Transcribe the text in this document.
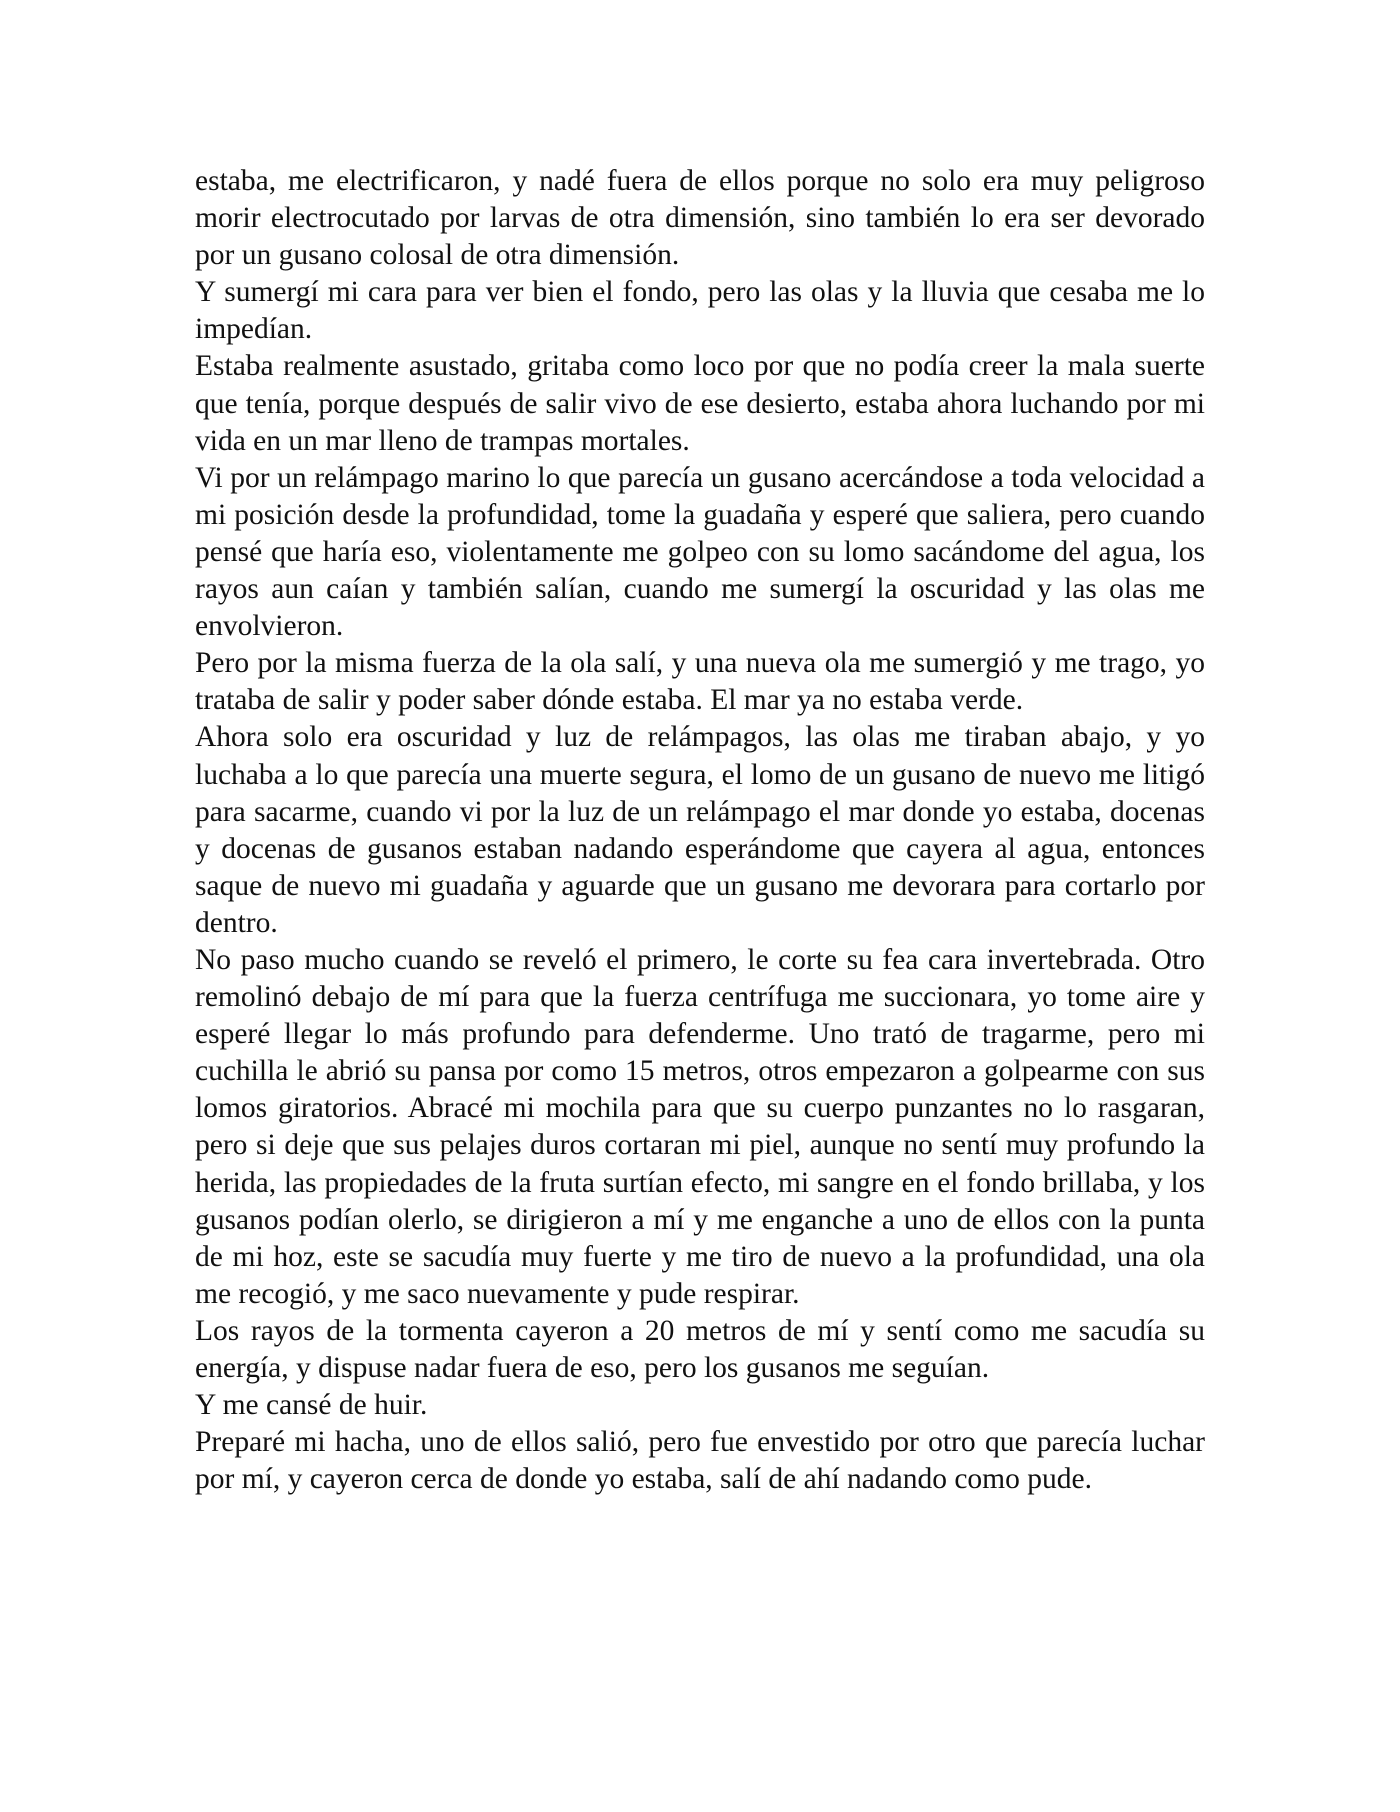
estaba, me electrificaron, y nadé fuera de ellos porque no solo era muy peligroso morir electrocutado por larvas de otra dimensión, sino también lo era ser devorado por un gusano colosal de otra dimensión.

Y sumergí mi cara para ver bien el fondo, pero las olas y la lluvia que cesaba me lo impedían.

Estaba realmente asustado, gritaba como loco por que no podía creer la mala suerte que tenía, porque después de salir vivo de ese desierto, estaba ahora luchando por mi vida en un mar lleno de trampas mortales.

Vi por un relámpago marino lo que parecía un gusano acercándose a toda velocidad a mi posición desde la profundidad, tome la guadaña y esperé que saliera, pero cuando pensé que haría eso, violentamente me golpeo con su lomo sacándome del agua, los rayos aun caían y también salían, cuando me sumergí la oscuridad y las olas me envolvieron.

Pero por la misma fuerza de la ola salí, y una nueva ola me sumergió y me trago, yo trataba de salir y poder saber dónde estaba. El mar ya no estaba verde.

Ahora solo era oscuridad y luz de relámpagos, las olas me tiraban abajo, y yo luchaba a lo que parecía una muerte segura, el lomo de un gusano de nuevo me litigó para sacarme, cuando vi por la luz de un relámpago el mar donde yo estaba, docenas y docenas de gusanos estaban nadando esperándome que cayera al agua, entonces saque de nuevo mi guadaña y aguarde que un gusano me devorara para cortarlo por dentro.

No paso mucho cuando se reveló el primero, le corte su fea cara invertebrada. Otro remolinó debajo de mí para que la fuerza centrífuga me succionara, yo tome aire y esperé llegar lo más profundo para defenderme. Uno trató de tragarme, pero mi cuchilla le abrió su pansa por como 15 metros, otros empezaron a golpearme con sus lomos giratorios. Abracé mi mochila para que su cuerpo punzantes no lo rasgaran, pero si deje que sus pelajes duros cortaran mi piel, aunque no sentí muy profundo la herida, las propiedades de la fruta surtían efecto, mi sangre en el fondo brillaba, y los gusanos podían olerlo, se dirigieron a mí y me enganche a uno de ellos con la punta de mi hoz, este se sacudía muy fuerte y me tiro de nuevo a la profundidad, una ola me recogió, y me saco nuevamente y pude respirar.

Los rayos de la tormenta cayeron a 20 metros de mí y sentí como me sacudía su energía, y dispuse nadar fuera de eso, pero los gusanos me seguían.

Y me cansé de huir.

Preparé mi hacha, uno de ellos salió, pero fue envestido por otro que parecía luchar por mí, y cayeron cerca de donde yo estaba, salí de ahí nadando como pude.
